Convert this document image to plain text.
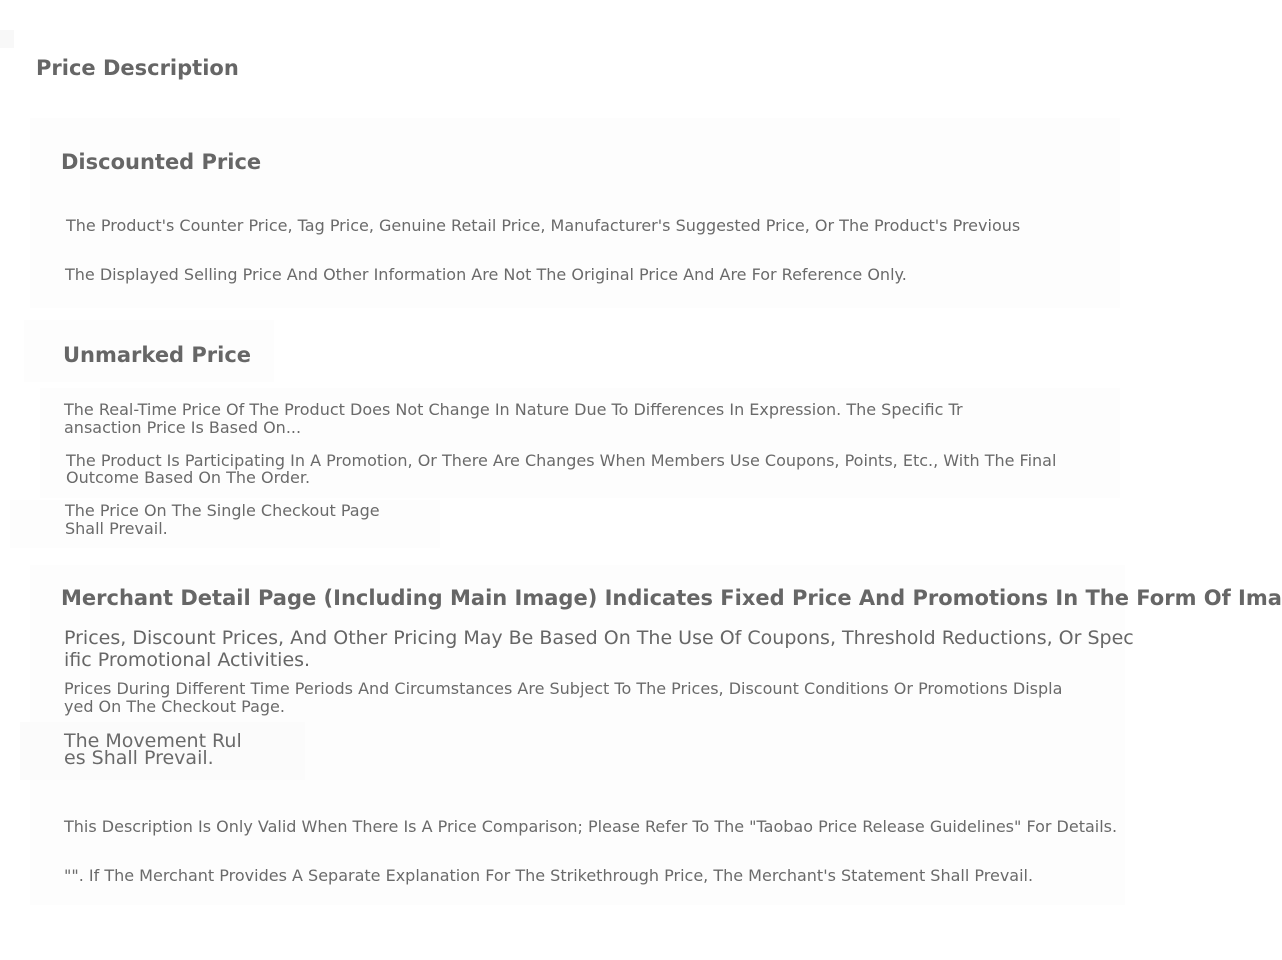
Price Description
Discounted Price

The Product's Counter Price, Tag Price, Genuine Retail Price, Manufacturer's Suggested Price, Or The Product's Previous

The Displayed Selling Price And Other Information Are Not The Original Price And Are For Reference Only.

Unmarked Price

The Real-Time Price Of The Product Does Not Change In Nature Due To Differences In Expression. The Specific Tr

ansaction Price Is Based On...

The Product Is Participating In A Promotion, Or There Are Changes When Members Use Coupons, Points, Etc., With The Final

Outcome Based On The Order.

The Price On The Single Checkout Page

Shall Prevail.

Merchant Detail Page (Including Main Image) Indicates Fixed Price And Promotions In The Form Of Ima

Prices, Discount Prices, And Other Pricing May Be Based On The Use Of Coupons, Threshold Reductions, Or Spec

ific Promotional Activities.

Prices During Different Time Periods And Circumstances Are Subject To The Prices, Discount Conditions Or Promotions Displa

yed On The Checkout Page.

The Movement Rul

es Shall Prevail.

This Description Is Only Valid When There Is A Price Comparison; Please Refer To The "Taobao Price Release Guidelines" For Details.

"". If The Merchant Provides A Separate Explanation For The Strikethrough Price, The Merchant's Statement Shall Prevail.
